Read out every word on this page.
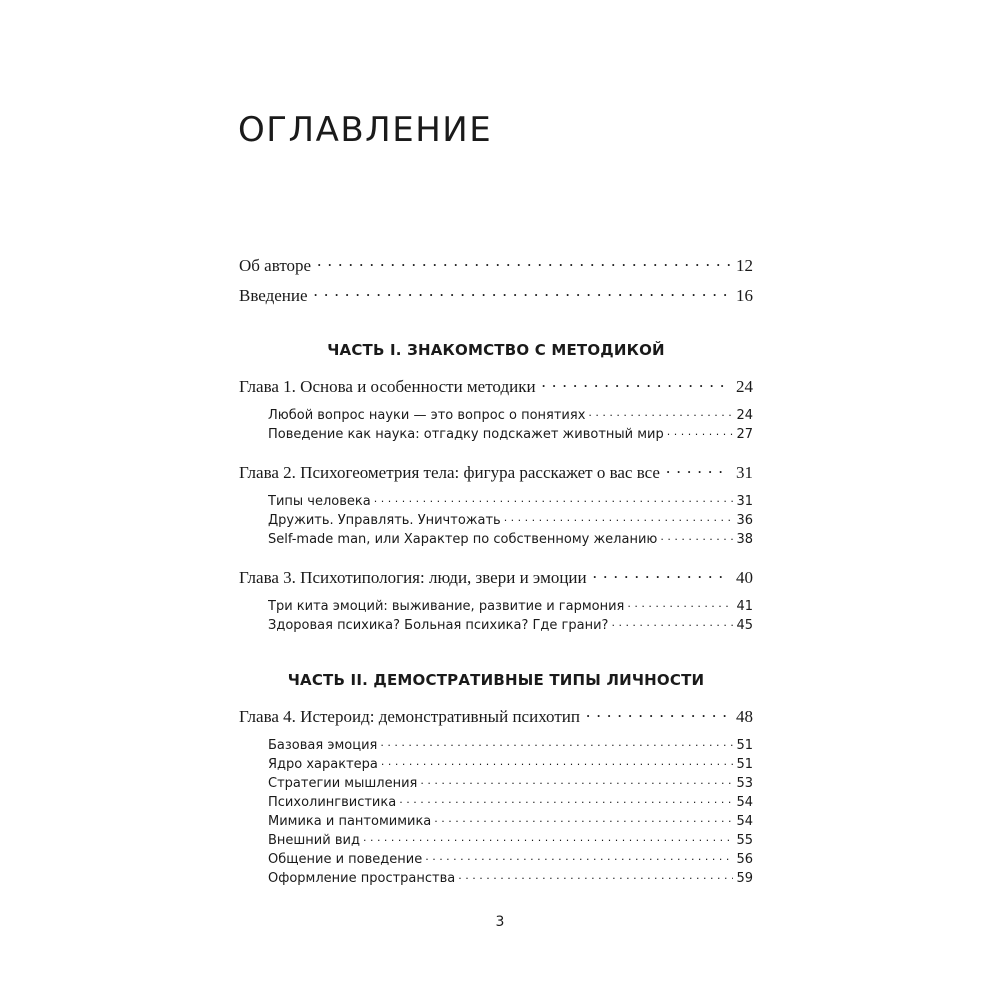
ОГЛАВЛЕНИЕ
Об авторе . . .	12
Введение . . .	16
ЧАСТЬ I. ЗНАКОМСТВО С МЕТОДИКОЙ
Глава 1. Основа и особенности методики . . .	24
Любой вопрос науки — это вопрос о понятиях . . .	24
Поведение как наука: отгадку подскажет животный мир . . .	27
Глава 2. Психогеометрия тела: фигура расскажет о вас все . . .	31
Типы человека . . .	31
Дружить. Управлять. Уничтожать . . .	36
Self-made man, или Характер по собственному желанию . . .	38
Глава 3. Психотипология: люди, звери и эмоции . . .	40
Три кита эмоций: выживание, развитие и гармония . . .	41
Здоровая психика? Больная психика? Где грани? . . .	45
ЧАСТЬ II. ДЕМОСТРАТИВНЫЕ ТИПЫ ЛИЧНОСТИ
Глава 4. Истероид: демонстративный психотип . . .	48
Базовая эмоция . . .	51
Ядро характера . . .	51
Стратегии мышления . . .	53
Психолингвистика . . .	54
Мимика и пантомимика . . .	54
Внешний вид . . .	55
Общение и поведение . . .	56
Оформление пространства . . .	59
3
